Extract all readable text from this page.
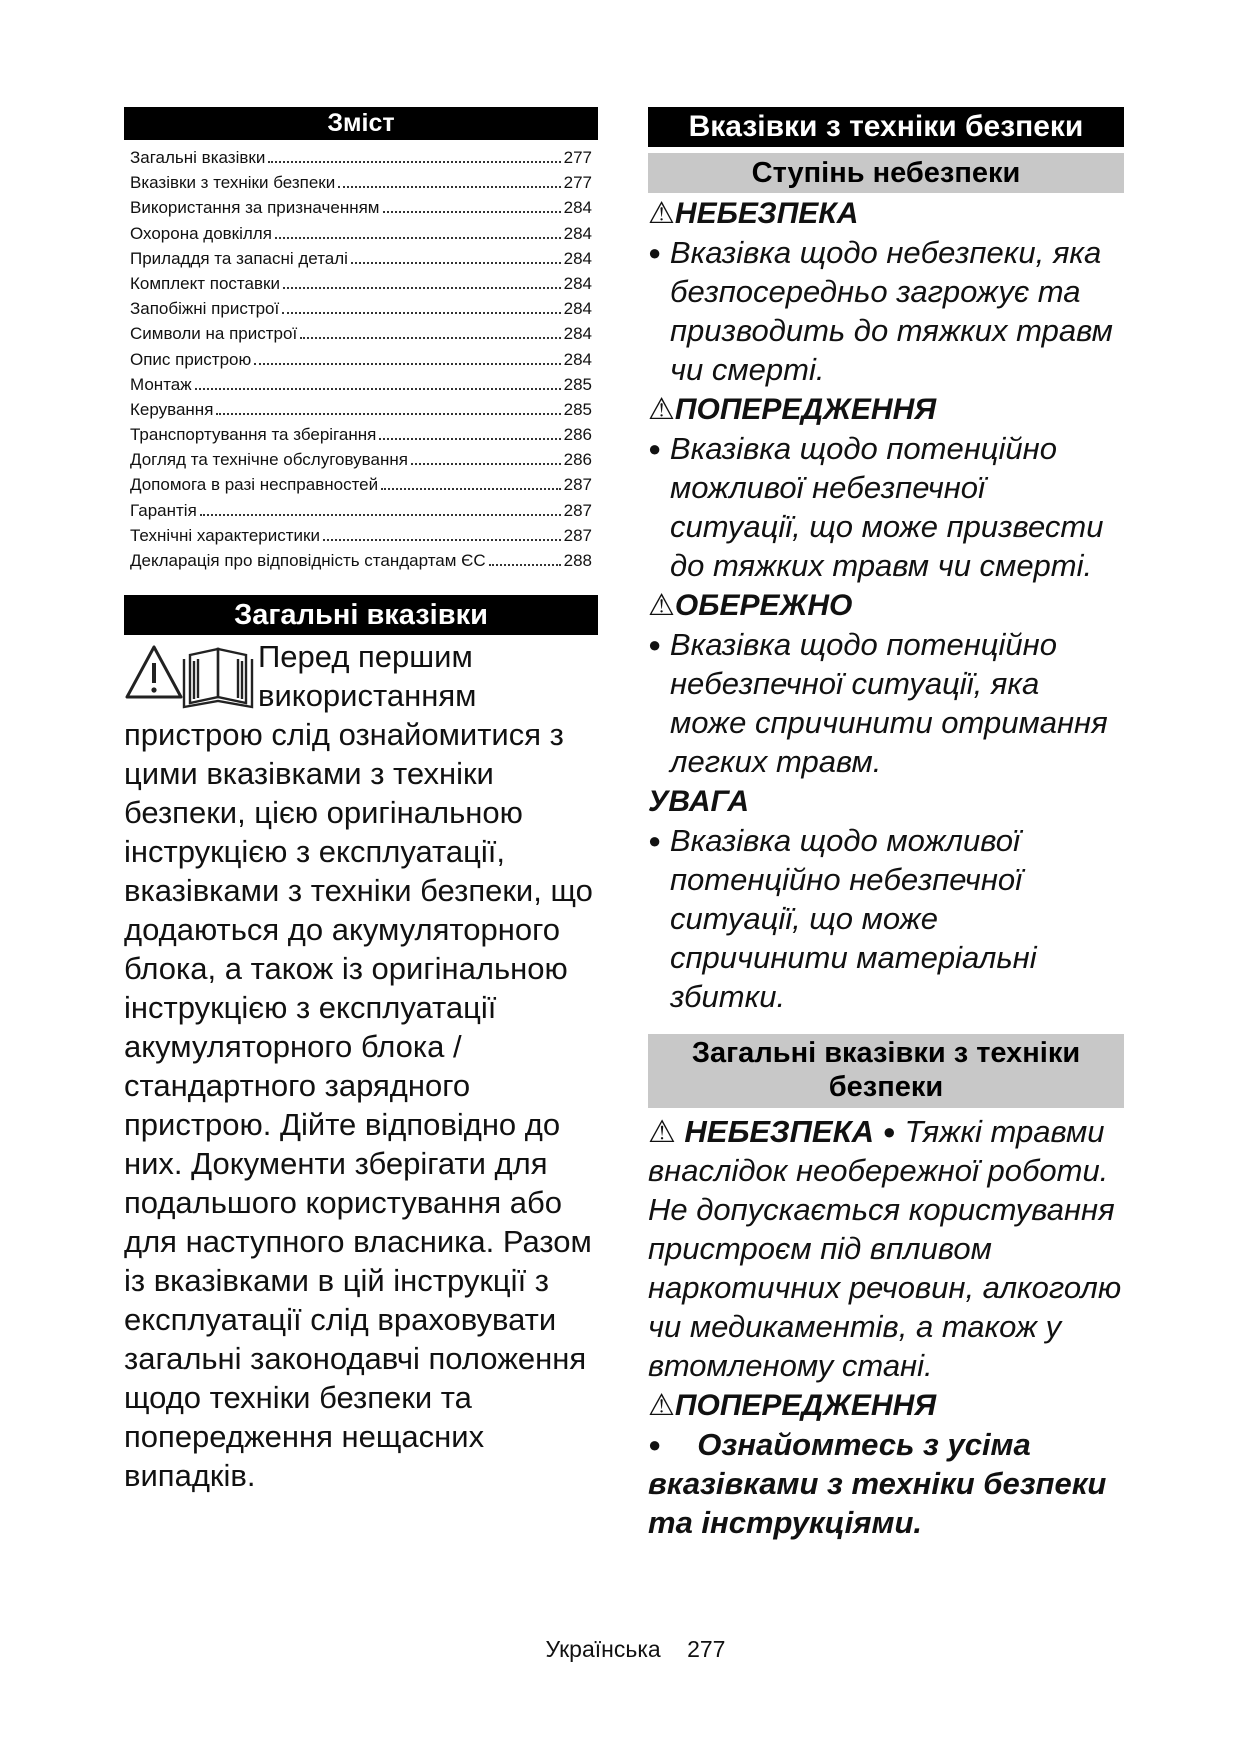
Зміст
Загальні вказівки	277
Вказівки з техніки безпеки	277
Використання за призначенням	284
Охорона довкілля	284
Приладдя та запасні деталі	284
Комплект поставки	284
Запобіжні пристрої	284
Символи на пристрої	284
Опис пристрою	284
Монтаж	285
Керування	285
Транспортування та зберігання	286
Догляд та технічне обслуговування	286
Допомога в разі несправностей	287
Гарантія	287
Технічні характеристики	287
Декларація про відповідність стандартам ЄС	288
Загальні вказівки
Перед першим використанням
пристрою слід ознайомитися з цими вказівками з техніки безпеки, цією оригінальною інструкцією з експлуатації, вказівками з техніки безпеки, що додаються до акумуляторного блока, а також із оригінальною інструкцією з експлуатації акумуляторного блока / стандартного зарядного пристрою. Дійте відповідно до них. Документи зберігати для подальшого користування або для наступного власника. Разом із вказівками в цій інструкції з експлуатації слід враховувати загальні законодавчі положення щодо техніки безпеки та попередження нещасних випадків.
Вказівки з техніки безпеки
Ступінь небезпеки
⚠НЕБЕЗПЕКА
● Вказівка щодо небезпеки, яка безпосередньо загрожує та призводить до тяжких травм чи смерті.
⚠ПОПЕРЕДЖЕННЯ
● Вказівка щодо потенційно можливої небезпечної ситуації, що може призвести до тяжких травм чи смерті.
⚠ОБЕРЕЖНО
● Вказівка щодо потенційно небезпечної ситуації, яка може спричинити отримання легких травм.
УВАГА
● Вказівка щодо можливої потенційно небезпечної ситуації, що може спричинити матеріальні збитки.
Загальні вказівки з техніки безпеки
⚠ НЕБЕЗПЕКА ● Тяжкі травми внаслідок необережної роботи. Не допускається користування пристроєм під впливом наркотичних речовин, алкоголю чи медикаментів, а також у втомленому стані.
⚠ПОПЕРЕДЖЕННЯ
● Ознайомтесь з усіма вказівками з техніки безпеки та інструкціями.
Українська 277
